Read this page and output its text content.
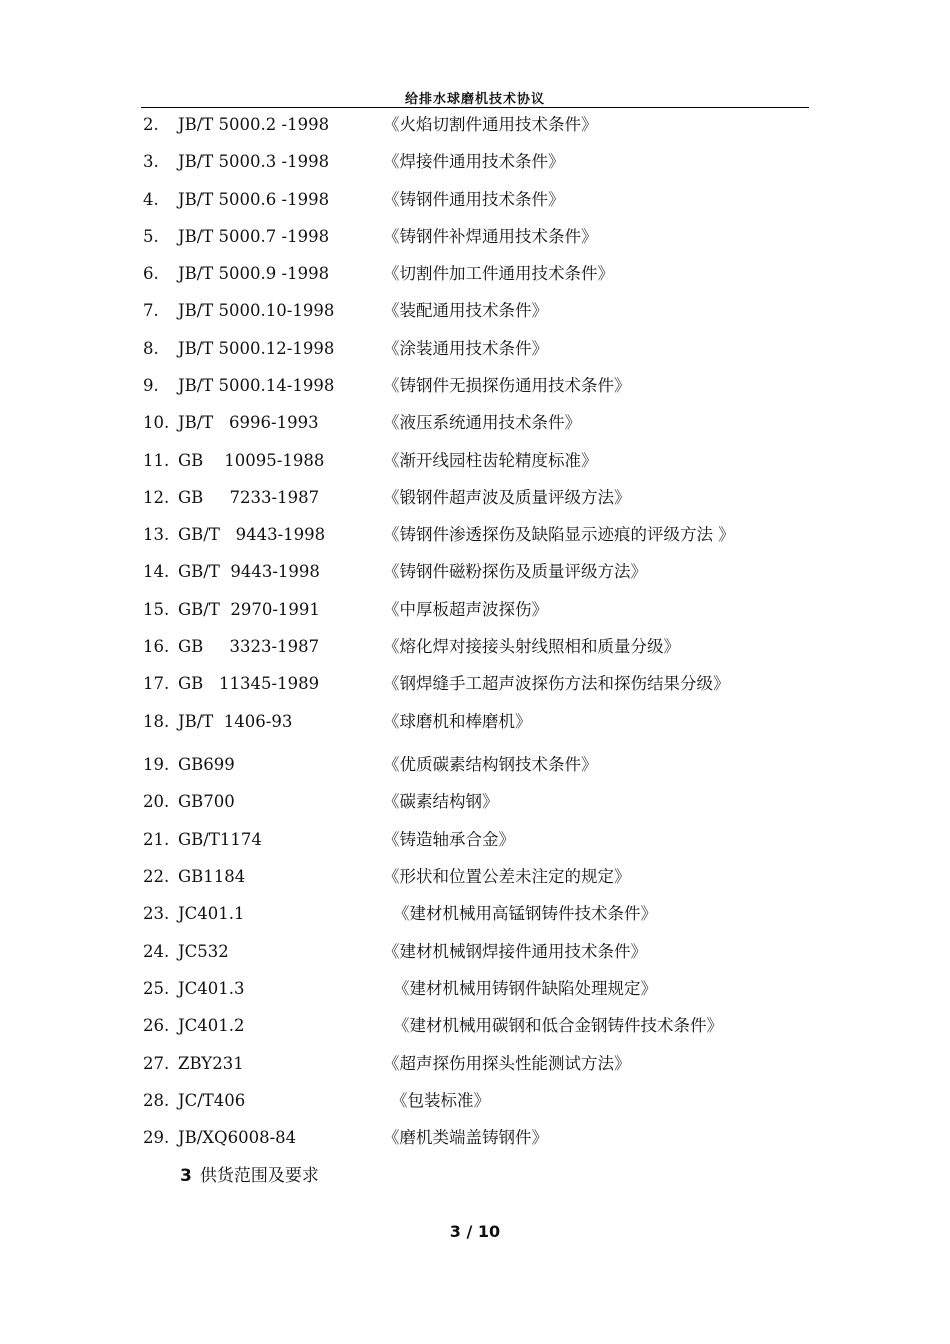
给排水球磨机技术协议
2. JB/T 5000.2 -1998	《火焰切割件通用技术条件》
3. JB/T 5000.3 -1998	《焊接件通用技术条件》
4. JB/T 5000.6 -1998	《铸钢件通用技术条件》
5. JB/T 5000.7 -1998	《铸钢件补焊通用技术条件》
6. JB/T 5000.9 -1998	《切割件加工件通用技术条件》
7. JB/T 5000.10-1998	《装配通用技术条件》
8. JB/T 5000.12-1998	《涂装通用技术条件》
9. JB/T 5000.14-1998	《铸钢件无损探伤通用技术条件》
10. JB/T   6996-1993	《液压系统通用技术条件》
11. GB    10095-1988	《渐开线园柱齿轮精度标准》
12. GB     7233-1987	《锻钢件超声波及质量评级方法》
13. GB/T   9443-1998	《铸钢件渗透探伤及缺陷显示迹痕的评级方法 》
14. GB/T  9443-1998	《铸钢件磁粉探伤及质量评级方法》
15. GB/T  2970-1991	《中厚板超声波探伤》
16. GB     3323-1987	《熔化焊对接接头射线照相和质量分级》
17. GB   11345-1989	《钢焊缝手工超声波探伤方法和探伤结果分级》
18. JB/T  1406-93	《球磨机和棒磨机》
19. GB699	《优质碳素结构钢技术条件》
20. GB700	《碳素结构钢》
21. GB/T1174	《铸造轴承合金》
22. GB1184	《形状和位置公差未注定的规定》
23. JC401.1	《建材机械用高锰钢铸件技术条件》
24. JC532	《建材机械钢焊接件通用技术条件》
25. JC401.3	《建材机械用铸钢件缺陷处理规定》
26. JC401.2	《建材机械用碳钢和低合金钢铸件技术条件》
27. ZBY231	《超声探伤用探头性能测试方法》
28. JC/T406	《包装标准》
29. JB/XQ6008-84	《磨机类端盖铸钢件》
3 供货范围及要求
3 / 10
